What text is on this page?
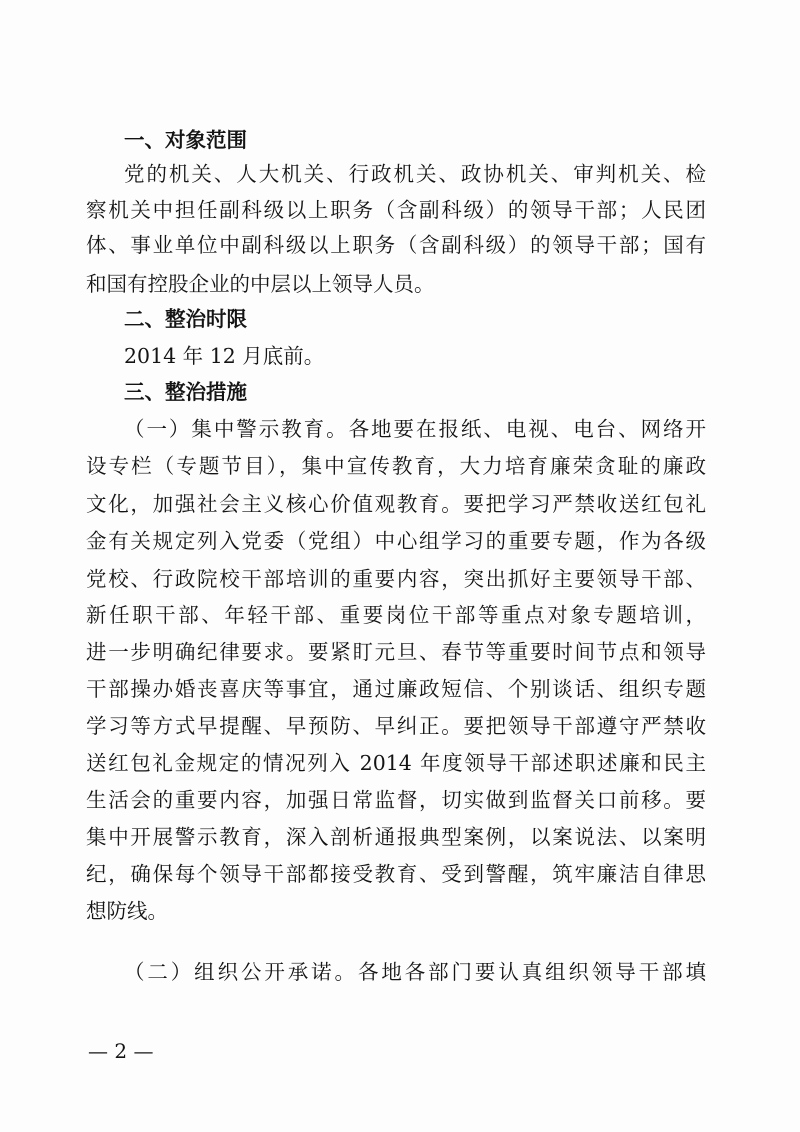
一、对象范围
党的机关、人大机关、行政机关、政协机关、审判机关、检
察机关中担任副科级以上职务（含副科级）的领导干部；人民团
体、事业单位中副科级以上职务（含副科级）的领导干部；国有
和国有控股企业的中层以上领导人员。
二、整治时限
2014 年 12 月底前。
三、整治措施
（一）集中警示教育。各地要在报纸、电视、电台、网络开
设专栏（专题节目），集中宣传教育，大力培育廉荣贪耻的廉政
文化，加强社会主义核心价值观教育。要把学习严禁收送红包礼
金有关规定列入党委（党组）中心组学习的重要专题，作为各级
党校、行政院校干部培训的重要内容，突出抓好主要领导干部、
新任职干部、年轻干部、重要岗位干部等重点对象专题培训，
进一步明确纪律要求。要紧盯元旦、春节等重要时间节点和领导
干部操办婚丧喜庆等事宜，通过廉政短信、个别谈话、组织专题
学习等方式早提醒、早预防、早纠正。要把领导干部遵守严禁收
送红包礼金规定的情况列入 2014 年度领导干部述职述廉和民主
生活会的重要内容，加强日常监督，切实做到监督关口前移。要
集中开展警示教育，深入剖析通报典型案例，以案说法、以案明
纪，确保每个领导干部都接受教育、受到警醒，筑牢廉洁自律思
想防线。
（二）组织公开承诺。各地各部门要认真组织领导干部填
— 2 —
